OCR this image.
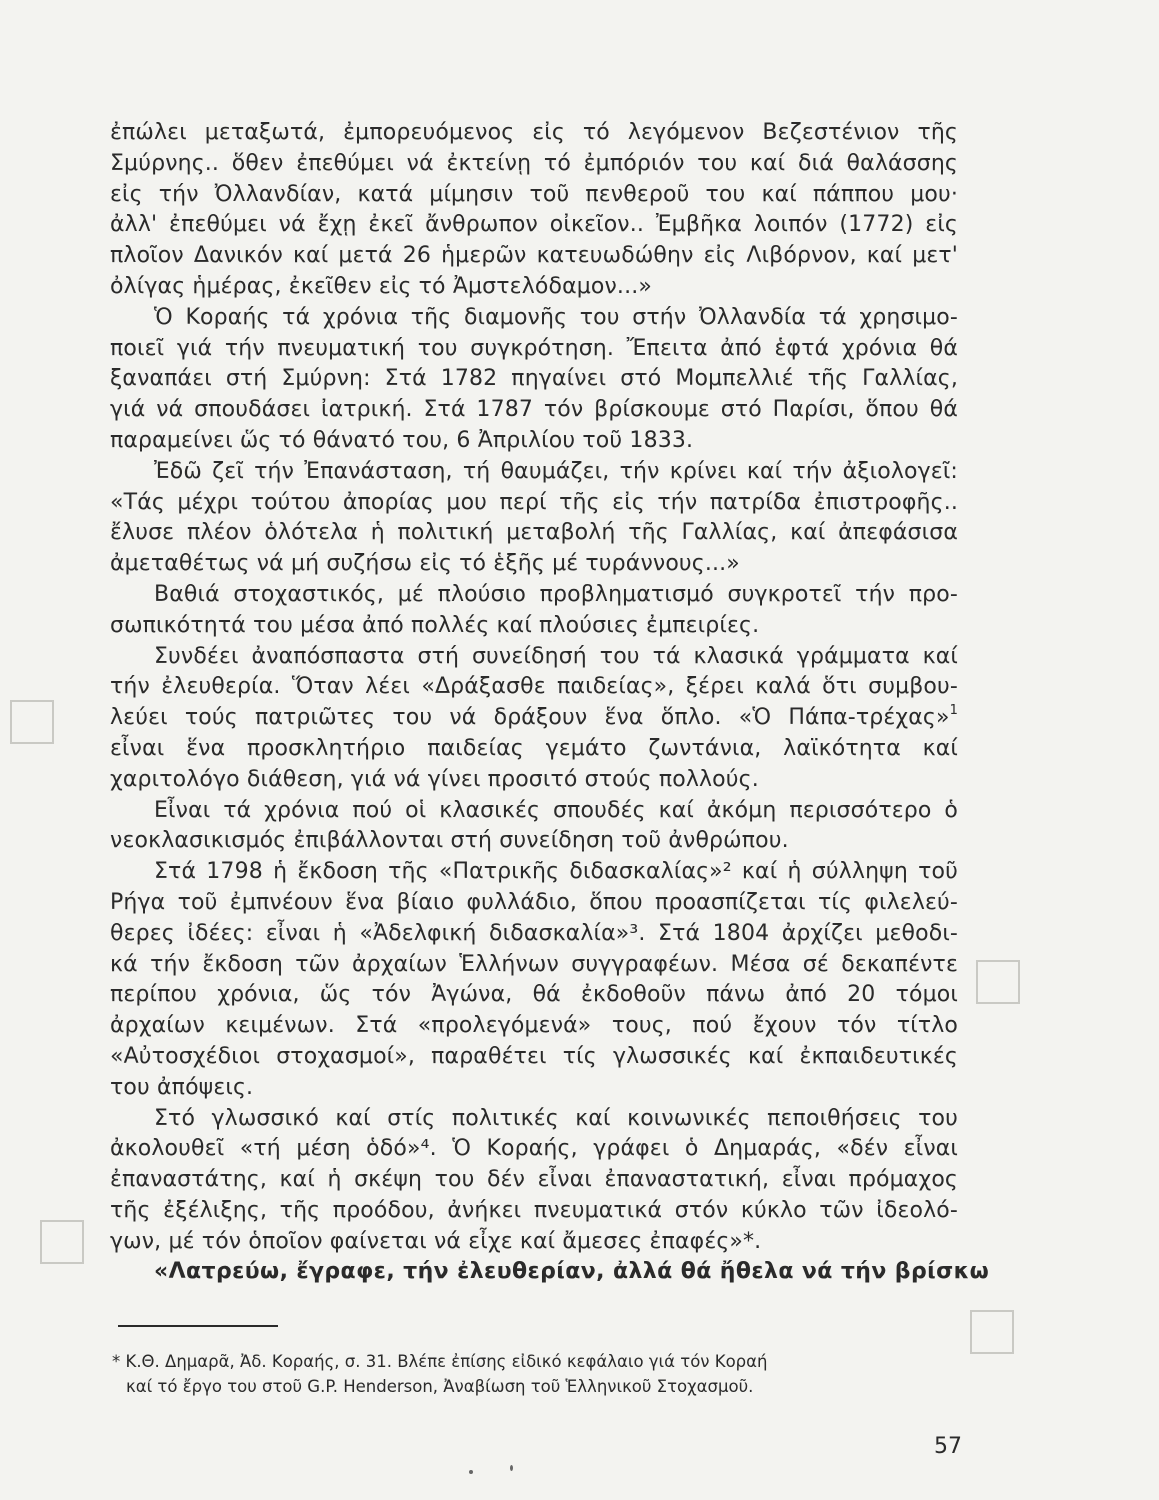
ἐπώλει μεταξωτά, ἐμπορευόμενος εἰς τό λεγόμενον Βεζεστένιον τῆς
Σμύρνης.. ὅθεν ἐπεθύμει νά ἐκτείνῃ τό ἐμπόριόν του καί διά θαλάσσης
εἰς τήν Ὀλλανδίαν, κατά μίμησιν τοῦ πενθεροῦ του καί πάππου μου·
ἀλλ' ἐπεθύμει νά ἔχῃ ἐκεῖ ἄνθρωπον οἰκεῖον.. Ἐμβῆκα λοιπόν (1772) εἰς
πλοῖον Δανικόν καί μετά 26 ἡμερῶν κατευωδώθην εἰς Λιβόρνον, καί μετ'
ὀλίγας ἡμέρας, ἐκεῖθεν εἰς τό Ἀμστελόδαμον...»
Ὁ Κοραής τά χρόνια τῆς διαμονῆς του στήν Ὀλλανδία τά χρησιμο-
ποιεῖ γιά τήν πνευματική του συγκρότηση. Ἔπειτα ἀπό ἑφτά χρόνια θά
ξαναπάει στή Σμύρνη: Στά 1782 πηγαίνει στό Μομπελλιέ τῆς Γαλλίας,
γιά νά σπουδάσει ἰατρική. Στά 1787 τόν βρίσκουμε στό Παρίσι, ὅπου θά
παραμείνει ὥς τό θάνατό του, 6 Ἀπριλίου τοῦ 1833.
Ἐδῶ ζεῖ τήν Ἐπανάσταση, τή θαυμάζει, τήν κρίνει καί τήν ἀξιολογεῖ:
«Τάς μέχρι τούτου ἀπορίας μου περί τῆς εἰς τήν πατρίδα ἐπιστροφῆς..
ἔλυσε πλέον ὁλότελα ἡ πολιτική μεταβολή τῆς Γαλλίας, καί ἀπεφάσισα
ἀμεταθέτως νά μή συζήσω εἰς τό ἑξῆς μέ τυράννους...»
Βαθιά στοχαστικός, μέ πλούσιο προβληματισμό συγκροτεῖ τήν προ-
σωπικότητά του μέσα ἀπό πολλές καί πλούσιες ἐμπειρίες.
Συνδέει ἀναπόσπαστα στή συνείδησή του τά κλασικά γράμματα καί
τήν ἐλευθερία. Ὅταν λέει «Δράξασθε παιδείας», ξέρει καλά ὅτι συμβου-
λεύει τούς πατριῶτες του νά δράξουν ἕνα ὅπλο. «Ὁ Πάπα-τρέχας»$^1$
εἶναι ἕνα προσκλητήριο παιδείας γεμάτο ζωντάνια, λαϊκότητα καί
χαριτολόγο διάθεση, γιά νά γίνει προσιτό στούς πολλούς.
Εἶναι τά χρόνια πού οἱ κλασικές σπουδές καί ἀκόμη περισσότερο ὁ
νεοκλασικισμός ἐπιβάλλονται στή συνείδηση τοῦ ἀνθρώπου.
Στά 1798 ἡ ἔκδοση τῆς «Πατρικῆς διδασκαλίας»² καί ἡ σύλληψη τοῦ
Ρήγα τοῦ ἐμπνέουν ἕνα βίαιο φυλλάδιο, ὅπου προασπίζεται τίς φιλελεύ-
θερες ἰδέες: εἶναι ἡ «Ἀδελφική διδασκαλία»³. Στά 1804 ἀρχίζει μεθοδι-
κά τήν ἔκδοση τῶν ἀρχαίων Ἑλλήνων συγγραφέων. Μέσα σέ δεκαπέντε
περίπου χρόνια, ὥς τόν Ἀγώνα, θά ἐκδοθοῦν πάνω ἀπό 20 τόμοι
ἀρχαίων κειμένων. Στά «προλεγόμενά» τους, πού ἔχουν τόν τίτλο
«Αὐτοσχέδιοι στοχασμοί», παραθέτει τίς γλωσσικές καί ἐκπαιδευτικές
του ἀπόψεις.
Στό γλωσσικό καί στίς πολιτικές καί κοινωνικές πεποιθήσεις του
ἀκολουθεῖ «τή μέση ὁδό»⁴. Ὁ Κοραής, γράφει ὁ Δημαράς, «δέν εἶναι
ἐπαναστάτης, καί ἡ σκέψη του δέν εἶναι ἐπαναστατική, εἶναι πρόμαχος
τῆς ἐξέλιξης, τῆς προόδου, ἀνήκει πνευματικά στόν κύκλο τῶν ἰδεολό-
γων, μέ τόν ὁποῖον φαίνεται νά εἶχε καί ἄμεσες ἐπαφές»*.
«Λατρεύω, ἔγραφε, τήν ἐλευθερίαν, ἀλλά θά ἤθελα νά τήν βρίσκω
* Κ.Θ. Δημαρᾶ, Ἀδ. Κοραής, σ. 31. Βλέπε ἐπίσης εἰδικό κεφάλαιο γιά τόν Κοραή
καί τό ἔργο του στοῦ G.P. Henderson, Ἀναβίωση τοῦ Ἑλληνικοῦ Στοχασμοῦ.
57
